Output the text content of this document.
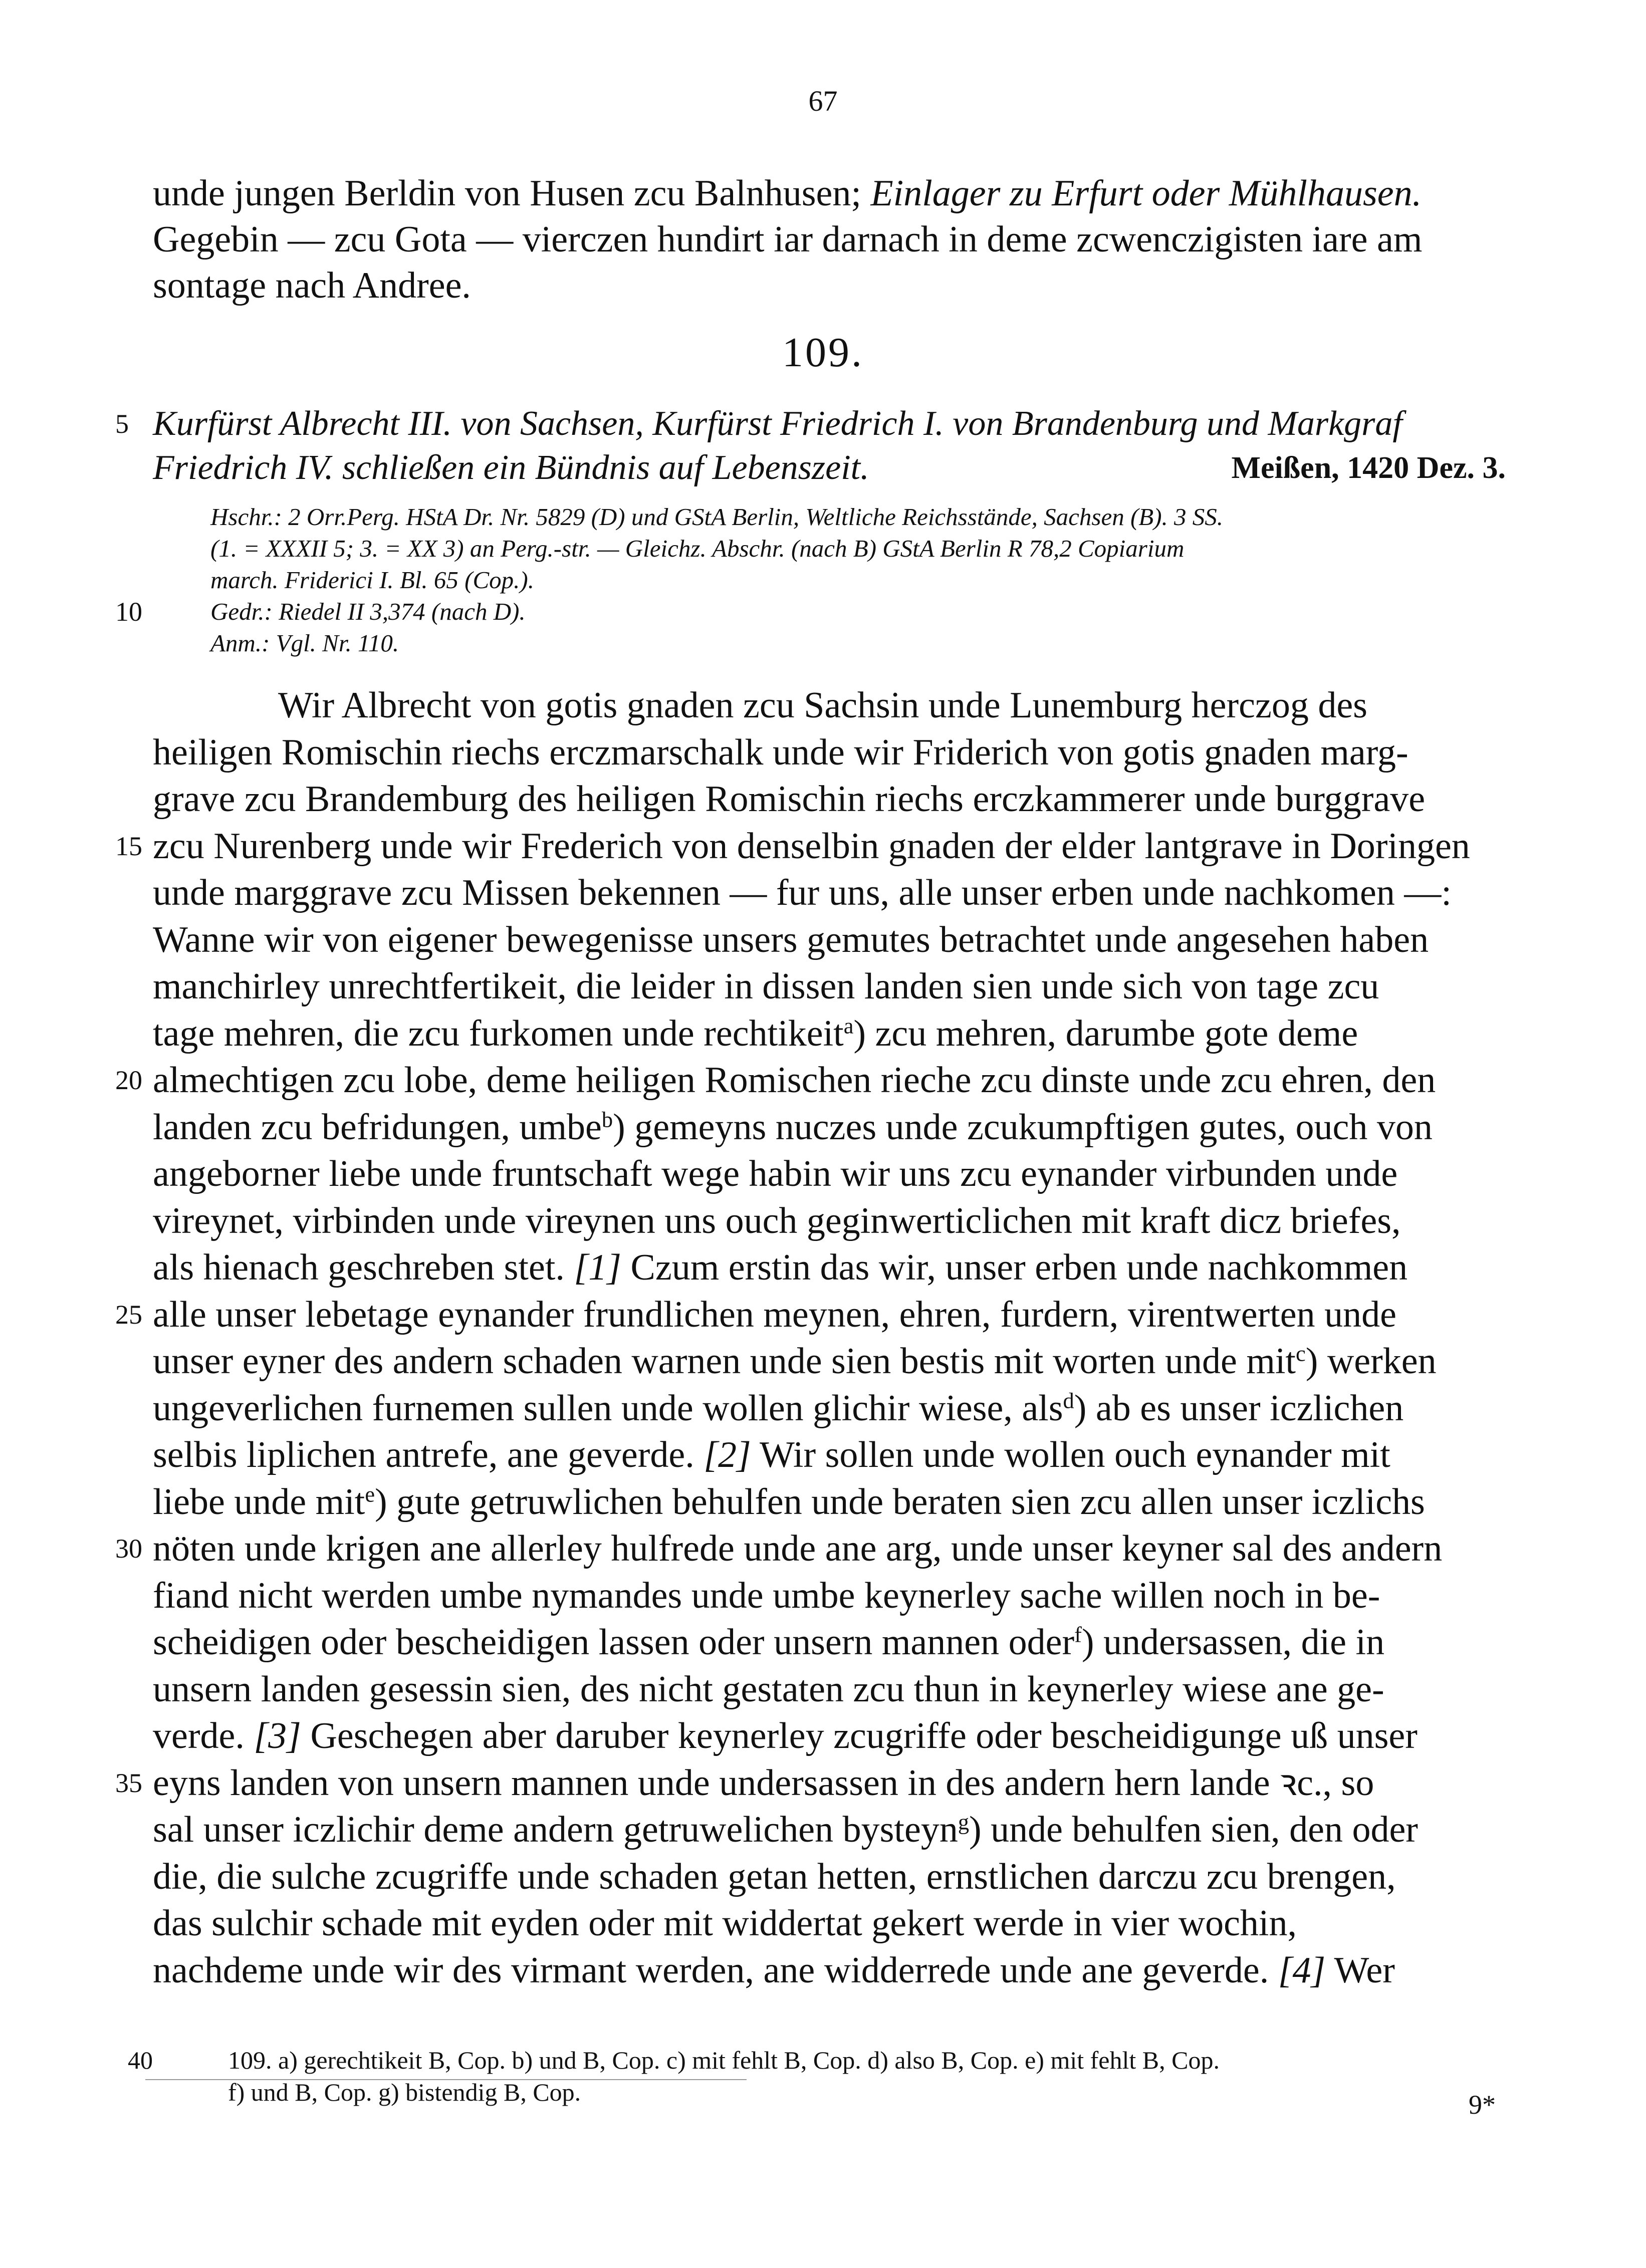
67
unde jungen Berldin von Husen zcu Balnhusen; Einlager zu Erfurt oder Mühlhausen.
Gegebin — zcu Gota — vierczen hundirt iar darnach in deme zcwenczigisten iare am
sontage nach Andree.
109.
5 Kurfürst Albrecht III. von Sachsen, Kurfürst Friedrich I. von Brandenburg und Markgraf
Friedrich IV. schließen ein Bündnis auf Lebenszeit.	Meißen, 1420 Dez. 3.
Hschr.: 2 Orr.Perg. HStA Dr. Nr. 5829 (D) und GStA Berlin, Weltliche Reichsstände, Sachsen (B). 3 SS.
(1. = XXXII 5; 3. = XX 3) an Perg.-str. — Gleichz. Abschr. (nach B) GStA Berlin R 78,2 Copiarium
march. Friderici I. Bl. 65 (Cop.).
10	Gedr.: Riedel II 3,374 (nach D).
Anm.: Vgl. Nr. 110.
Wir Albrecht von gotis gnaden zcu Sachsin unde Lunemburg herczog des
heiligen Romischin riechs erczmarschalk unde wir Friderich von gotis gnaden marg-
grave zcu Brandemburg des heiligen Romischin riechs erczkammerer unde burggrave
15 zcu Nurenberg unde wir Frederich von denselbin gnaden der elder lantgrave in Doringen
unde marggrave zcu Missen bekennen — fur uns, alle unser erben unde nachkomen —:
Wanne wir von eigener bewegenisse unsers gemutes betrachtet unde angesehen haben
manchirley unrechtfertikeit, die leider in dissen landen sien unde sich von tage zcu
tage mehren, die zcu furkomen unde rechtikeit$^a$) zcu mehren, darumbe gote deme
20 almechtigen zcu lobe, deme heiligen Romischen rieche zcu dinste unde zcu ehren, den
landen zcu befridungen, umbe$^b$) gemeyns nuczes unde zcukumpftigen gutes, ouch von
angeborner liebe unde fruntschaft wege habin wir uns zcu eynander virbunden unde
vireynet, virbinden unde vireynen uns ouch geginwerticlichen mit kraft dicz briefes,
als hienach geschreben stet. [1] Czum erstin das wir, unser erben unde nachkommen
25 alle unser lebetage eynander frundlichen meynen, ehren, furdern, virentwerten unde
unser eyner des andern schaden warnen unde sien bestis mit worten unde mit$^c$) werken
ungeverlichen furnemen sullen unde wollen glichir wiese, als$^d$) ab es unser iczlichen
selbis liplichen antrefe, ane geverde. [2] Wir sollen unde wollen ouch eynander mit
liebe unde mit$^e$) gute getruwlichen behulfen unde beraten sien zcu allen unser iczlichs
30 nöten unde krigen ane allerley hulfrede unde ane arg, unde unser keyner sal des andern
fiand nicht werden umbe nymandes unde umbe keynerley sache willen noch in be-
scheidigen oder bescheidigen lassen oder unsern mannen oder$^f$) undersassen, die in
unsern landen gesessin sien, des nicht gestaten zcu thun in keynerley wiese ane ge-
verde. [3] Geschegen aber daruber keynerley zcugriffe oder bescheidigunge uß unser
35 eyns landen von unsern mannen unde undersassen in des andern hern lande ꝛc., so
sal unser iczlichir deme andern getruwelichen bysteyn$^g$) unde behulfen sien, den oder
die, die sulche zcugriffe unde schaden getan hetten, ernstlichen darczu zcu brengen,
das sulchir schade mit eyden oder mit widdertat gekert werde in vier wochin,
nachdeme unde wir des virmant werden, ane widderrede unde ane geverde. [4] Wer
40	109. a) gerechtikeit B, Cop. b) und B, Cop. c) mit fehlt B, Cop. d) also B, Cop. e) mit fehlt B, Cop.
f) und B, Cop. g) bistendig B, Cop.	9*
